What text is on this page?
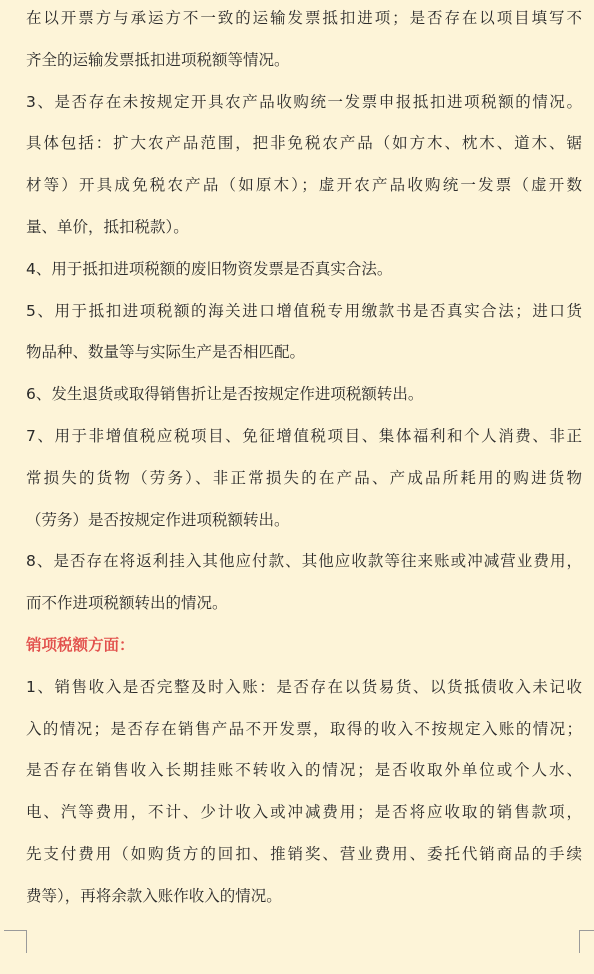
在以开票方与承运方不一致的运输发票抵扣进项；是否存在以项目填写不
齐全的运输发票抵扣进项税额等情况。
3、是否存在未按规定开具农产品收购统一发票申报抵扣进项税额的情况。
具体包括：扩大农产品范围，把非免税农产品（如方木、枕木、道木、锯
材等）开具成免税农产品（如原木）；虚开农产品收购统一发票（虚开数
量、单价，抵扣税款）。
4、用于抵扣进项税额的废旧物资发票是否真实合法。
5、用于抵扣进项税额的海关进口增值税专用缴款书是否真实合法；进口货
物品种、数量等与实际生产是否相匹配。
6、发生退货或取得销售折让是否按规定作进项税额转出。
7、用于非增值税应税项目、免征增值税项目、集体福利和个人消费、非正
常损失的货物（劳务）、非正常损失的在产品、产成品所耗用的购进货物
（劳务）是否按规定作进项税额转出。
8、是否存在将返利挂入其他应付款、其他应收款等往来账或冲减营业费用，
而不作进项税额转出的情况。
销项税额方面：
1、销售收入是否完整及时入账：是否存在以货易货、以货抵债收入未记收
入的情况；是否存在销售产品不开发票，取得的收入不按规定入账的情况；
是否存在销售收入长期挂账不转收入的情况；是否收取外单位或个人水、
电、汽等费用，不计、少计收入或冲减费用；是否将应收取的销售款项，
先支付费用（如购货方的回扣、推销奖、营业费用、委托代销商品的手续
费等），再将余款入账作收入的情况。
